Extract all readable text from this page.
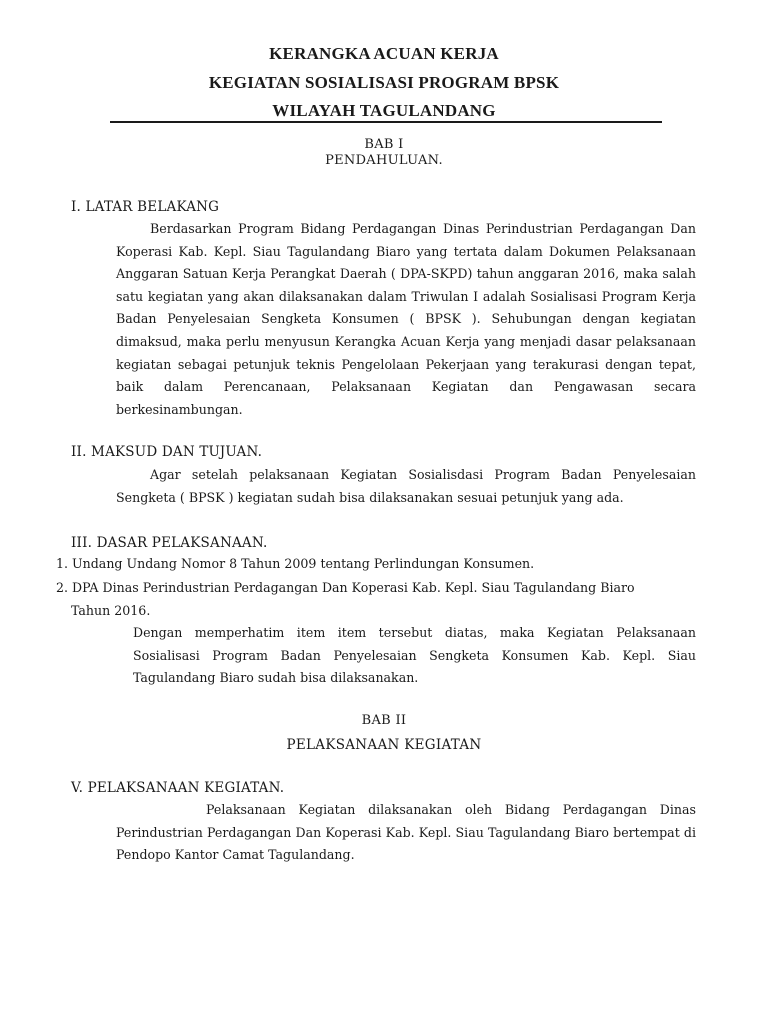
KERANGKA ACUAN KERJA
KEGIATAN SOSIALISASI PROGRAM BPSK
WILAYAH TAGULANDANG
BAB I
PENDAHULUAN.
I. LATAR BELAKANG
Berdasarkan Program Bidang Perdagangan Dinas Perindustrian Perdagangan Dan Koperasi Kab. Kepl. Siau Tagulandang Biaro yang tertata dalam Dokumen Pelaksanaan Anggaran Satuan Kerja Perangkat Daerah ( DPA-SKPD) tahun anggaran 2016, maka salah satu kegiatan yang akan dilaksanakan dalam Triwulan I adalah Sosialisasi Program Kerja Badan Penyelesaian Sengketa Konsumen ( BPSK ). Sehubungan dengan kegiatan dimaksud, maka perlu menyusun Kerangka Acuan Kerja yang menjadi dasar pelaksanaan kegiatan sebagai petunjuk teknis Pengelolaan Pekerjaan yang terakurasi dengan tepat, baik dalam Perencanaan, Pelaksanaan Kegiatan dan Pengawasan secara berkesinambungan.
II. MAKSUD DAN TUJUAN.
Agar setelah pelaksanaan Kegiatan Sosialisdasi Program Badan Penyelesaian Sengketa ( BPSK ) kegiatan sudah bisa dilaksanakan sesuai petunjuk yang ada.
III. DASAR PELAKSANAAN.
1. Undang Undang Nomor 8 Tahun 2009 tentang Perlindungan Konsumen.
2. DPA Dinas Perindustrian Perdagangan Dan Koperasi Kab. Kepl. Siau Tagulandang Biaro
Tahun 2016.
Dengan memperhatim item item tersebut diatas, maka Kegiatan Pelaksanaan Sosialisasi Program Badan Penyelesaian Sengketa Konsumen Kab. Kepl. Siau Tagulandang Biaro sudah bisa dilaksanakan.
BAB II
PELAKSANAAN KEGIATAN
V. PELAKSANAAN KEGIATAN.
Pelaksanaan Kegiatan dilaksanakan oleh Bidang Perdagangan Dinas Perindustrian Perdagangan Dan Koperasi Kab. Kepl. Siau Tagulandang Biaro bertempat di Pendopo Kantor Camat Tagulandang.
